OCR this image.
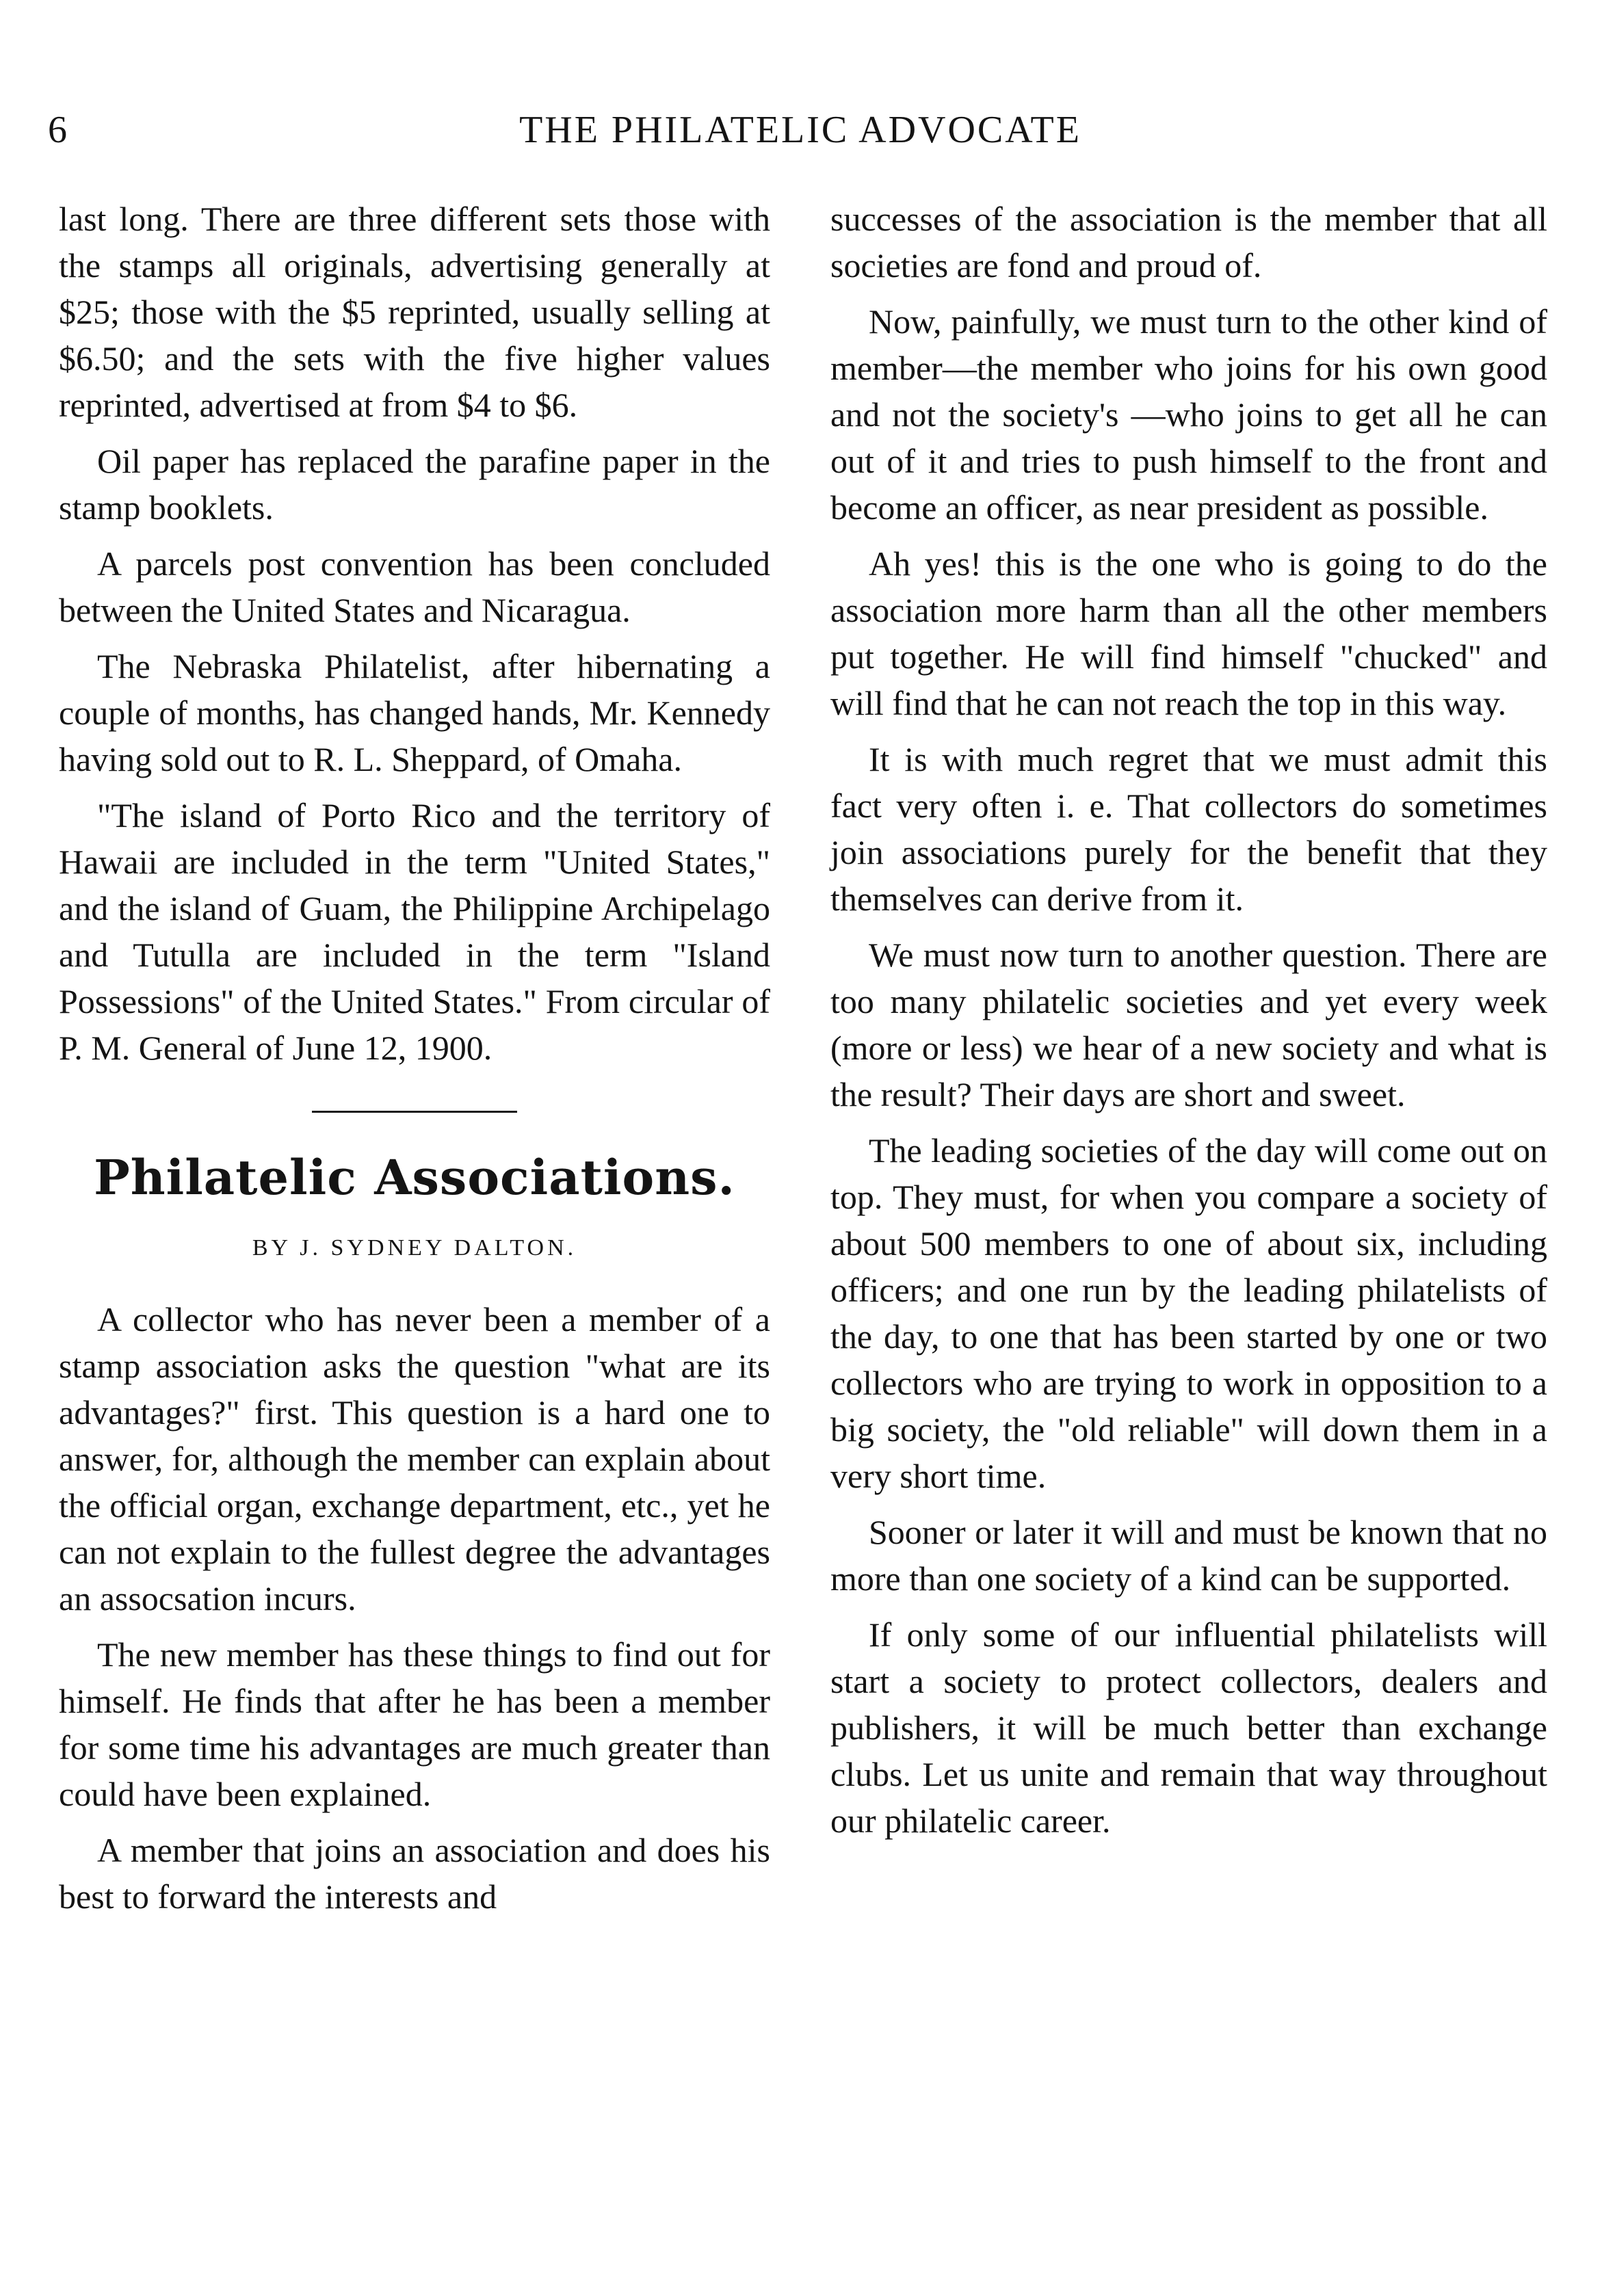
6	THE PHILATELIC ADVOCATE

last long. There are three different sets those with the stamps all originals, advertising generally at $25; those with the $5 reprinted, usually selling at $6.50; and the sets with the five higher values reprinted, advertised at from $4 to $6.

Oil paper has replaced the parafine paper in the stamp booklets.

A parcels post convention has been concluded between the United States and Nicaragua.

The Nebraska Philatelist, after hibernating a couple of months, has changed hands, Mr. Kennedy having sold out to R. L. Sheppard, of Omaha.

"The island of Porto Rico and the territory of Hawaii are included in the term "United States," and the island of Guam, the Philippine Archipelago and Tutulla are included in the term "Island Possessions" of the United States." From circular of P. M. General of June 12, 1900.

Philatelic Associations.
BY J. SYDNEY DALTON.

A collector who has never been a member of a stamp association asks the question "what are its advantages?" first. This question is a hard one to answer, for, although the member can explain about the official organ, exchange department, etc., yet he can not explain to the fullest degree the advantages an assocsation incurs.

The new member has these things to find out for himself. He finds that after he has been a member for some time his advantages are much greater than could have been explained.

A member that joins an association and does his best to forward the interests and

successes of the association is the member that all societies are fond and proud of.

Now, painfully, we must turn to the other kind of member—the member who joins for his own good and not the society's —who joins to get all he can out of it and tries to push himself to the front and become an officer, as near president as possible.

Ah yes! this is the one who is going to do the association more harm than all the other members put together. He will find himself "chucked" and will find that he can not reach the top in this way.

It is with much regret that we must admit this fact very often i. e. That collectors do sometimes join associations purely for the benefit that they themselves can derive from it.

We must now turn to another question. There are too many philatelic societies and yet every week (more or less) we hear of a new society and what is the result? Their days are short and sweet.

The leading societies of the day will come out on top. They must, for when you compare a society of about 500 members to one of about six, including officers; and one run by the leading philatelists of the day, to one that has been started by one or two collectors who are trying to work in opposition to a big society, the "old reliable" will down them in a very short time.

Sooner or later it will and must be known that no more than one society of a kind can be supported.

If only some of our influential philatelists will start a society to protect collectors, dealers and publishers, it will be much better than exchange clubs. Let us unite and remain that way throughout our philatelic career.
